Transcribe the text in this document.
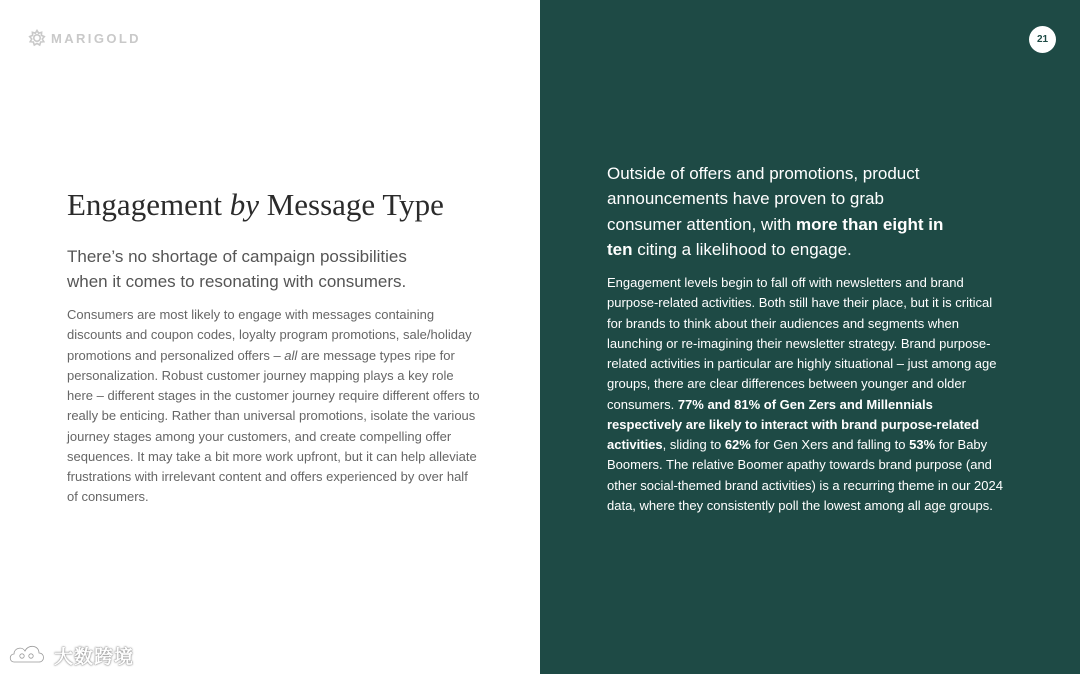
MARIGOLD
Engagement by Message Type

There’s no shortage of campaign possibilities when it comes to resonating with consumers.

Consumers are most likely to engage with messages containing discounts and coupon codes, loyalty program promotions, sale/holiday promotions and personalized offers – all are message types ripe for personalization. Robust customer journey mapping plays a key role here – different stages in the customer journey require different offers to really be enticing. Rather than universal promotions, isolate the various journey stages among your customers, and create compelling offer sequences. It may take a bit more work upfront, but it can help alleviate frustrations with irrelevant content and offers experienced by over half of consumers.

大数跨境
21

Outside of offers and promotions, product announcements have proven to grab consumer attention, with more than eight in ten citing a likelihood to engage.

Engagement levels begin to fall off with newsletters and brand purpose-related activities. Both still have their place, but it is critical for brands to think about their audiences and segments when launching or re-imagining their newsletter strategy. Brand purpose-related activities in particular are highly situational – just among age groups, there are clear differences between younger and older consumers. 77% and 81% of Gen Zers and Millennials respectively are likely to interact with brand purpose-related activities, sliding to 62% for Gen Xers and falling to 53% for Baby Boomers. The relative Boomer apathy towards brand purpose (and other social-themed brand activities) is a recurring theme in our 2024 data, where they consistently poll the lowest among all age groups.
